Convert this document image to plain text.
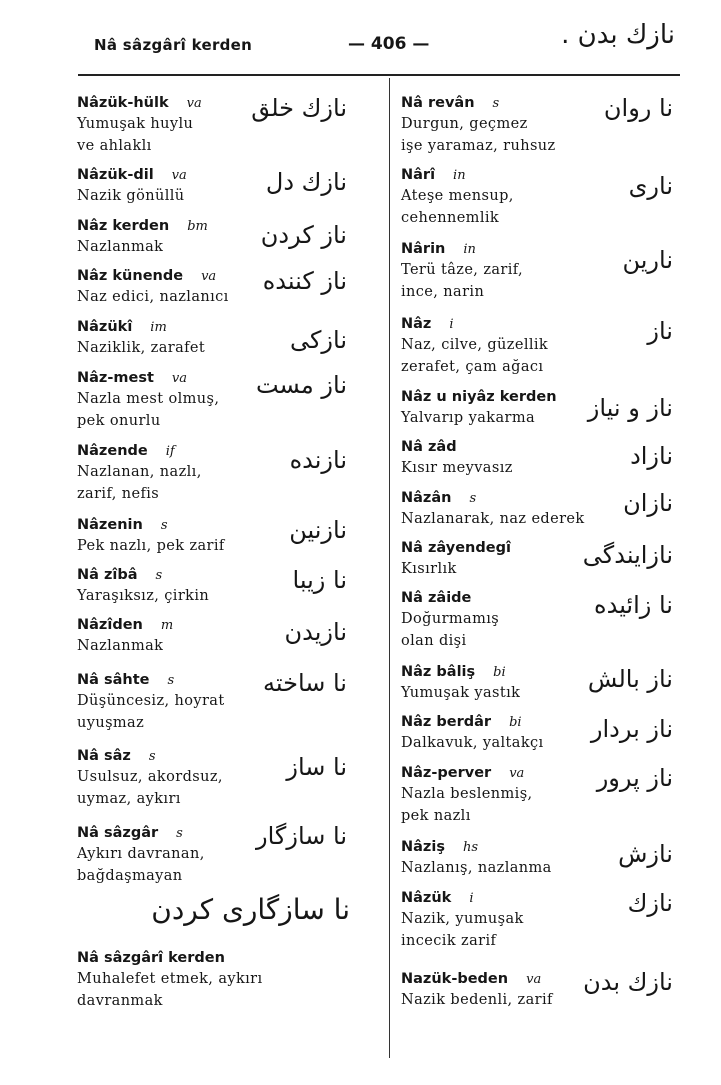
Nâ sâzgârî kerden	— 406 —	نازك بدن .
Nâzük-hülk va
Yumuşak huylu
ve ahlaklı
نازك خلق
Nâzük-dil va
Nazik gönüllü	نازك دل
Nâz kerden bm
Nazlanmak	ناز كردن
Nâz künende va
Naz edici, nazlanıcı
ناز كننده
Nâzükî im
Naziklik, zarafet	نازكى
Nâz-mest va
Nazla mest olmuş,
pek onurlu
ناز مست
Nâzende if
Nazlanan, nazlı,
zarif, nefis
نازنده
Nâzenin s
Pek nazlı, pek zarif
نازنين
Nâ zîbâ s
Yaraşıksız, çirkin
نا زيبا
Nâzîden m
Nazlanmak	نازيدن
Nâ sâhte s
Düşüncesiz, hoyrat
uyuşmaz
نا ساخته
Nâ sâz s
Usulsuz, akordsuz,
uymaz, aykırı
نا ساز
Nâ sâzgâr s
Aykırı davranan,
bağdaşmayan
نا سازگار
نا سازگارى كردن
Nâ sâzgârî kerden
Muhalefet etmek, aykırı
davranmak
Nâ revân s
Durgun, geçmez
işe yaramaz, ruhsuz
نا روان
Nârî in
Ateşe mensup,
cehennemlik
نارى
Nârin in
Terü tâze, zarif,
ince, narin
نارين
Nâz i
Naz, cilve, güzellik
zerafet, çam ağacı
ناز
Nâz u niyâz kerden
Yalvarıp yakarma	ناز و نياز
Nâ zâd
Kısır meyvasız	نازاد
Nâzân s
Nazlanarak, naz ederek
نازان
Nâ zâyendegî
Kısırlık	نازايندگى
Nâ zâide
Doğurmamış
olan dişi
نا زائيده
Nâz bâliş bi
Yumuşak yastık	ناز بالش
Nâz berdâr bi
Dalkavuk, yaltakçı	ناز بردار
Nâz-perver va
Nazla beslenmiş,
pek nazlı
ناز پرور
Nâziş hs
Nazlanış, nazlanma	نازش
Nâzük i
Nazik, yumuşak
incecik zarif
نازك
Nazük-beden va
Nazik bedenli, zarif
نازك بدن
